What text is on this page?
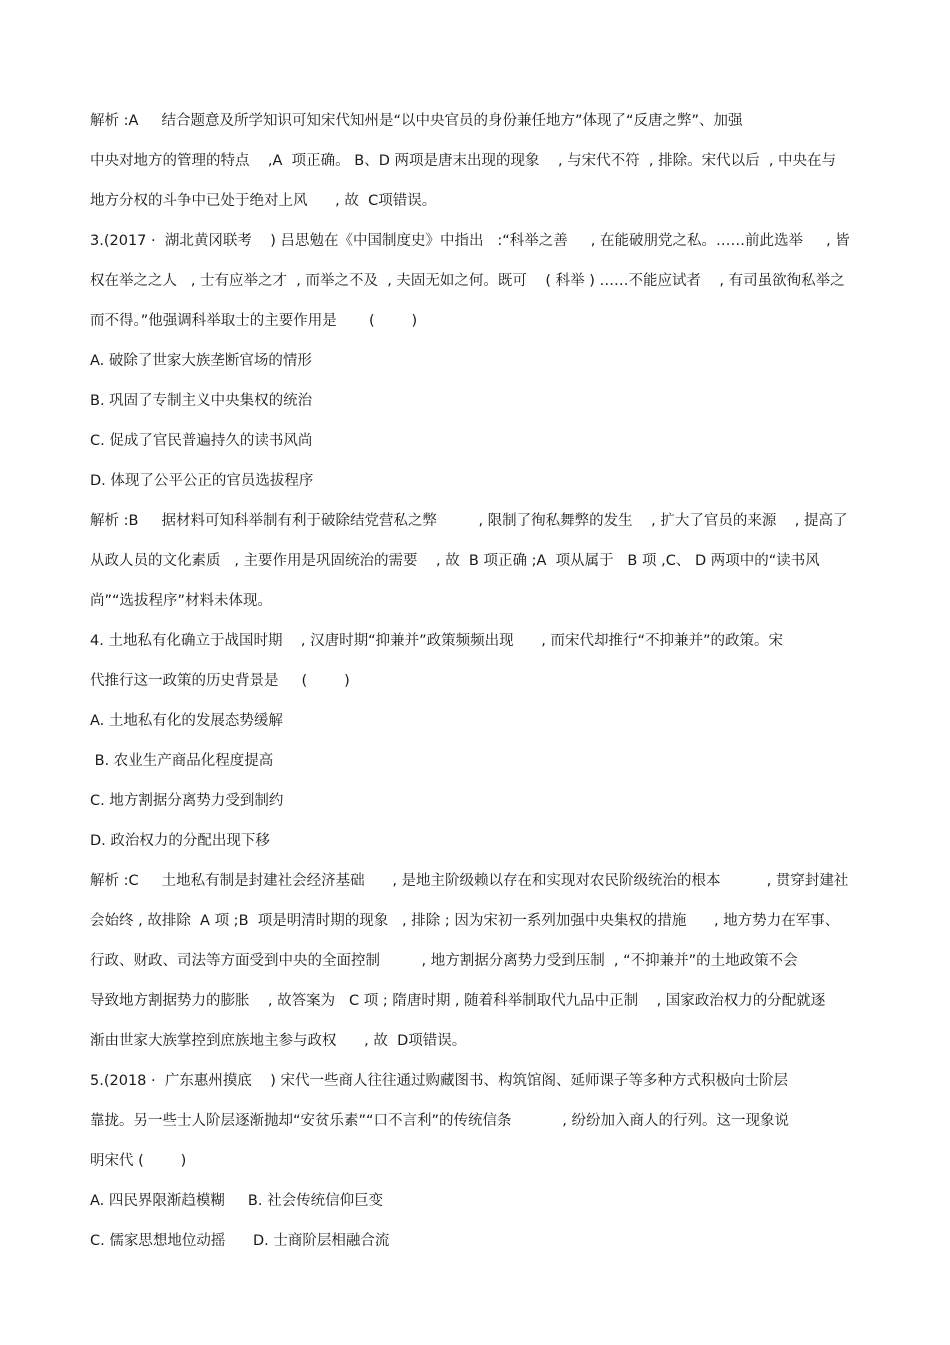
解析 :A     结合题意及所学知识可知宋代知州是“以中央官员的身份兼任地方”体现了“反唐之弊”、加强
中央对地方的管理的特点    ,A  项正确。 B、D 两项是唐末出现的现象    , 与宋代不符  , 排除。宋代以后  , 中央在与
地方分权的斗争中已处于绝对上风      , 故  C项错误。
3.(2017 ·  湖北黄冈联考    ) 吕思勉在《中国制度史》中指出   :“科举之善     , 在能破朋党之私。……前此选举     , 皆
权在举之之人   , 士有应举之才  , 而举之不及  , 夫固无如之何。既可    ( 科举 ) ……不能应试者    , 有司虽欲徇私举之
而不得。”他强调科举取士的主要作用是       (        )
A. 破除了世家大族垄断官场的情形
B. 巩固了专制主义中央集权的统治
C. 促成了官民普遍持久的读书风尚
D. 体现了公平公正的官员选拔程序
解析 :B     据材料可知科举制有利于破除结党营私之弊         , 限制了徇私舞弊的发生    , 扩大了官员的来源    , 提高了
从政人员的文化素质   , 主要作用是巩固统治的需要    , 故  B 项正确 ;A  项从属于   B 项 ,C、 D 两项中的“读书风
尚”“选拔程序”材料未体现。
4. 土地私有化确立于战国时期    , 汉唐时期“抑兼并”政策频频出现      , 而宋代却推行“不抑兼并”的政策。宋
代推行这一政策的历史背景是     (        )
A. 土地私有化的发展态势缓解
B. 农业生产商品化程度提高
C. 地方割据分离势力受到制约
D. 政治权力的分配出现下移
解析 :C     土地私有制是封建社会经济基础      , 是地主阶级赖以存在和实现对农民阶级统治的根本          , 贯穿封建社
会始终 , 故排除  A 项 ;B  项是明清时期的现象   , 排除 ; 因为宋初一系列加强中央集权的措施      , 地方势力在军事、
行政、财政、司法等方面受到中央的全面控制         , 地方割据分离势力受到压制  , “不抑兼并”的土地政策不会
导致地方割据势力的膨胀    , 故答案为   C 项 ; 隋唐时期 , 随着科举制取代九品中正制    , 国家政治权力的分配就逐
渐由世家大族掌控到庶族地主参与政权      , 故  D项错误。
5.(2018 ·  广东惠州摸底    ) 宋代一些商人往往通过购藏图书、构筑馆阁、延师课子等多种方式积极向士阶层
靠拢。另一些士人阶层逐渐抛却“安贫乐素”“口不言利”的传统信条           , 纷纷加入商人的行列。这一现象说
明宋代 (        )
A. 四民界限渐趋模糊     B. 社会传统信仰巨变
C. 儒家思想地位动摇      D. 士商阶层相融合流
